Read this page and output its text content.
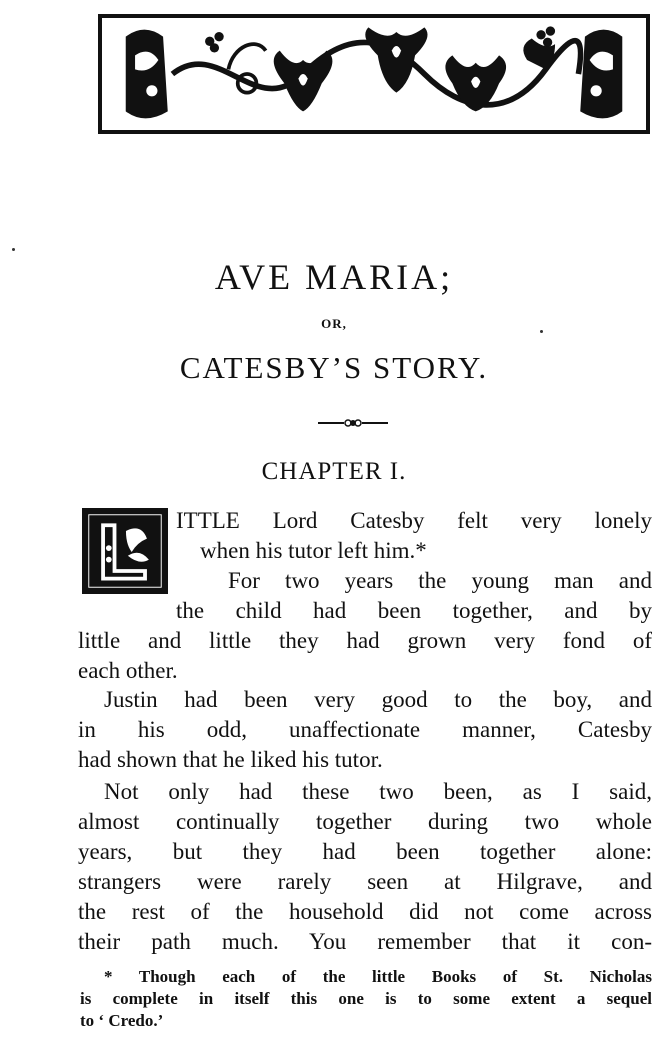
AVE MARIA;
OR,
CATESBY’S STORY.
CHAPTER I.
ITTLE Lord Catesby felt very lonely
when his tutor left him.*
For two years the young man and
the child had been together, and by
little and little they had grown very fond of
each other.
Justin had been very good to the boy, and
in his odd, unaffectionate manner, Catesby
had shown that he liked his tutor.
Not only had these two been, as I said,
almost continually together during two whole
years, but they had been together alone:
strangers were rarely seen at Hilgrave, and
the rest of the household did not come across
their path much. You remember that it con-
* Though each of the little Books of St. Nicholas
is complete in itself this one is to some extent a sequel
to ‘ Credo.’
